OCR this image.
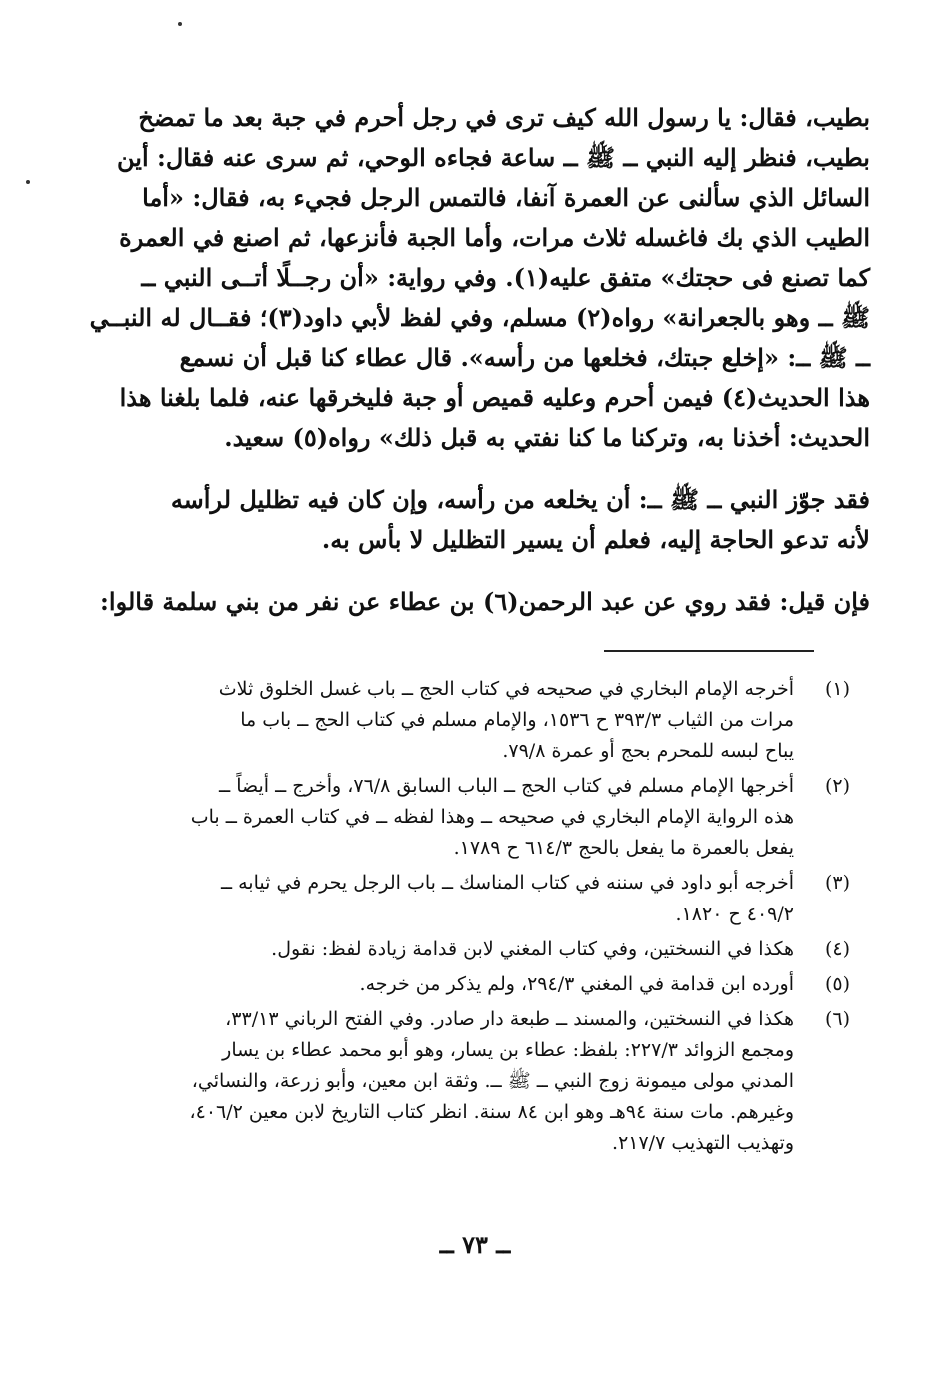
بطيب، فقال: يا رسول الله كيف ترى في رجل أحرم في جبة بعد ما تمضخ
بطيب، فنظر إليه النبي ــ ﷺ ــ ساعة فجاءه الوحي، ثم سرى عنه فقال: أين
السائل الذي سألنى عن العمرة آنفا، فالتمس الرجل فجيء به، فقال: «أما
الطيب الذي بك فاغسله ثلاث مرات، وأما الجبة فأنزعها، ثم اصنع في العمرة
كما تصنع فى حجتك» متفق عليه(١). وفي رواية: «أن رجــلًا أتــى النبي ــ
ﷺ ــ وهو بالجعرانة» رواه(٢) مسلم، وفي لفظ لأبي داود(٣)؛ فقــال له النبــي
ــ ﷺ ــ: «إخلع جبتك، فخلعها من رأسه». قال عطاء كنا قبل أن نسمع
هذا الحديث(٤) فيمن أحرم وعليه قميص أو جبة فليخرقها عنه، فلما بلغنا هذا
الحديث: أخذنا به، وتركنا ما كنا نفتي به قبل ذلك» رواه(٥) سعيد.
فقد جوّز النبي ــ ﷺ ــ: أن يخلعه من رأسه، وإن كان فيه تظليل لرأسه
لأنه تدعو الحاجة إليه، فعلم أن يسير التظليل لا بأس به.
فإن قيل: فقد روي عن عبد الرحمن(٦) بن عطاء عن نفر من بني سلمة قالوا:
(١)
أخرجه الإمام البخاري في صحيحه في كتاب الحج ــ باب غسل الخلوق ثلاث
مرات من الثياب ٣٩٣/٣ ح ١٥٣٦، والإمام مسلم في كتاب الحج ــ باب ما
يباح لبسه للمحرم بحج أو عمرة ٧٩/٨.
(٢)
أخرجها الإمام مسلم في كتاب الحج ــ الباب السابق ٧٦/٨، وأخرج ــ أيضاً ــ
هذه الرواية الإمام البخاري في صحيحه ــ وهذا لفظه ــ في كتاب العمرة ــ باب
يفعل بالعمرة ما يفعل بالحج ٦١٤/٣ ح ١٧٨٩.
(٣)
أخرجه أبو داود في سننه في كتاب المناسك ــ باب الرجل يحرم في ثيابه ــ
٤٠٩/٢ ح ١٨٢٠.
(٤)
هكذا في النسختين، وفي كتاب المغني لابن قدامة زيادة لفظ: نقول.
(٥)
أورده ابن قدامة في المغني ٢٩٤/٣، ولم يذكر من خرجه.
(٦)
هكذا في النسختين، والمسند ــ طبعة دار صادر. وفي الفتح الرباني ٣٣/١٣،
ومجمع الزوائد ٢٢٧/٣: بلفظ: عطاء بن يسار، وهو أبو محمد عطاء بن يسار
المدني مولى ميمونة زوج النبي ــ ﷺ ــ. وثقة ابن معين، وأبو زرعة، والنسائي،
وغيرهم. مات سنة ٩٤هـ وهو ابن ٨٤ سنة. انظر كتاب التاريخ لابن معين ٤٠٦/٢،
وتهذيب التهذيب ٢١٧/٧.
ــ ٧٣ ــ
